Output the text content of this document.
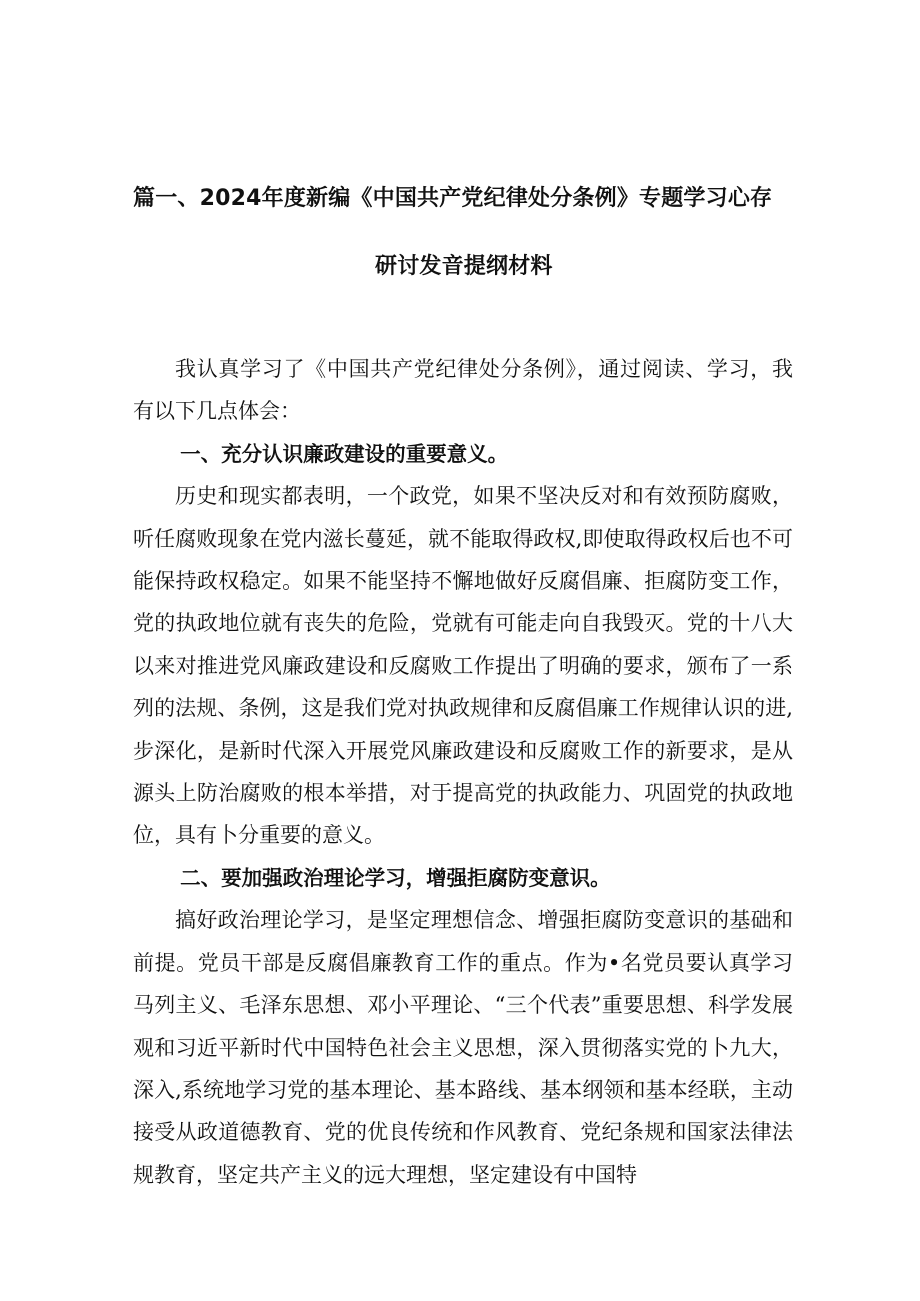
篇一、2024年度新编《中国共产党纪律处分条例》专题学习心存
研讨发音提纲材料

我认真学习了《中国共产党纪律处分条例》，通过阅读、学习，我有以下几点体会：

一、充分认识廉政建设的重要意义。

历史和现实都表明，一个政党，如果不坚决反对和有效预防腐败，听任腐败现象在党内滋长蔓延，就不能取得政权,即使取得政权后也不可能保持政权稳定。如果不能坚持不懈地做好反腐倡廉、拒腐防变工作，党的执政地位就有丧失的危险，党就有可能走向自我毁灭。党的十八大以来对推进党风廉政建设和反腐败工作提出了明确的要求，颁布了一系列的法规、条例，这是我们党对执政规律和反腐倡廉工作规律认识的进,步深化，是新时代深入开展党风廉政建设和反腐败工作的新要求，是从源头上防治腐败的根本举措，对于提高党的执政能力、巩固党的执政地位，具有卜分重要的意义。

二、要加强政治理论学习，增强拒腐防变意识。

搞好政治理论学习，是坚定理想信念、增强拒腐防变意识的基础和前提。党员干部是反腐倡廉教育工作的重点。作为•名党员要认真学习马列主义、毛泽东思想、邓小平理论、“三个代表”重要思想、科学发展观和习近平新时代中国特色社会主义思想，深入贯彻落实党的卜九大，深入,系统地学习党的基本理论、基本路线、基本纲领和基本经联，主动接受从政道德教育、党的优良传统和作风教育、党纪条规和国家法律法规教育，坚定共产主义的远大理想，坚定建设有中国特
